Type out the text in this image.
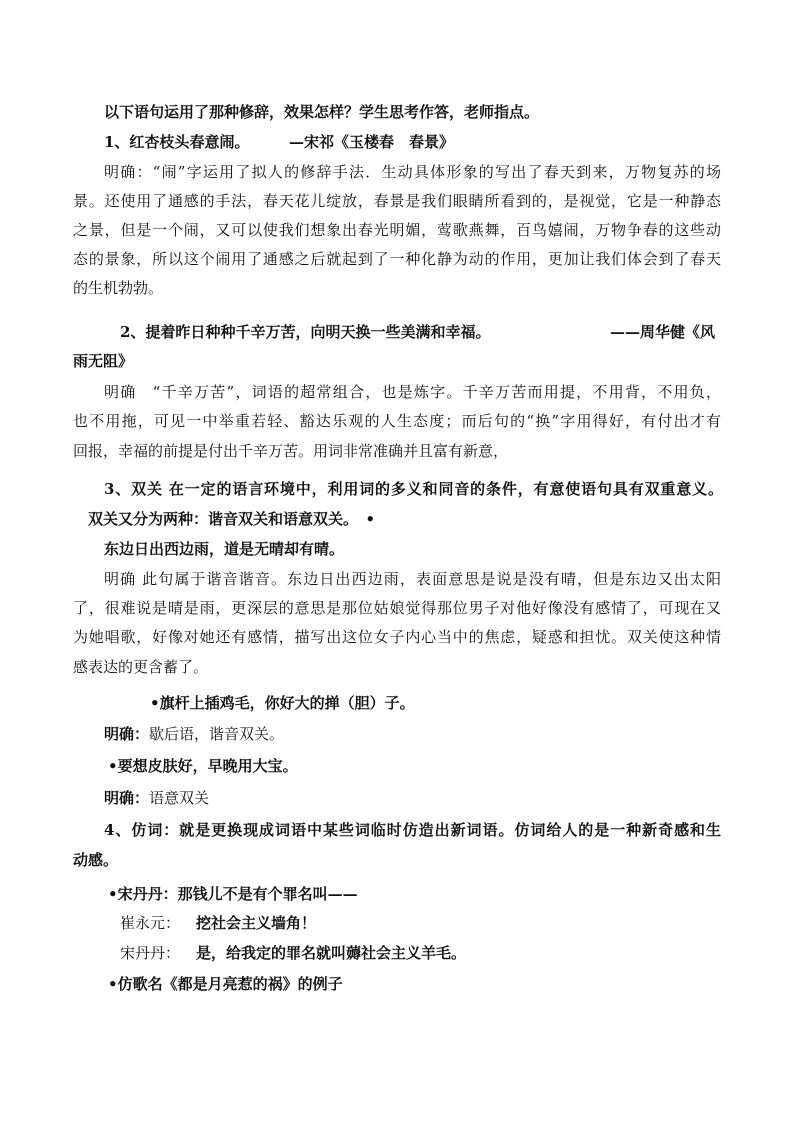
以下语句运用了那种修辞，效果怎样？学生思考作答，老师指点。
1、红杏枝头春意闹。	—宋祁《玉楼春　春景》
明确：“闹”字运用了拟人的修辞手法．生动具体形象的写出了春天到来，万物复苏的场
景。还使用了通感的手法，春天花儿绽放，春景是我们眼睛所看到的，是视觉，它是一种静态
之景，但是一个闹，又可以使我们想象出春光明媚，莺歌燕舞，百鸟嬉闹，万物争春的这些动
态的景象，所以这个闹用了通感之后就起到了一种化静为动的作用，更加让我们体会到了春天
的生机勃勃。
2、提着昨日种种千辛万苦，向明天换一些美满和幸福。	——周华健《风
雨无阻》
明确　“千辛万苦”，词语的超常组合，也是炼字。千辛万苦而用提，不用背，不用负，
也不用拖，可见一中举重若轻、豁达乐观的人生态度；而后句的“换”字用得好，有付出才有
回报，幸福的前提是付出千辛万苦。用词非常准确并且富有新意，
3、双关 在一定的语言环境中，利用词的多义和同音的条件，有意使语句具有双重意义。
双关又分为两种：谐音双关和语意双关。　•
东边日出西边雨，道是无晴却有晴。
明确 此句属于谐音谐音。东边日出西边雨，表面意思是说是没有晴，但是东边又出太阳
了，很难说是晴是雨，更深层的意思是那位姑娘觉得那位男子对他好像没有感情了，可现在又
为她唱歌，好像对她还有感情，描写出这位女子内心当中的焦虑，疑惑和担忧。双关使这种情
感表达的更含蓄了。
•旗杆上插鸡毛，你好大的掸（胆）子。
明确：歇后语，谐音双关。
•要想皮肤好，早晚用大宝。
明确：语意双关
4、仿词：就是更换现成词语中某些词临时仿造出新词语。仿词给人的是一种新奇感和生
动感。
•宋丹丹：那钱儿不是有个罪名叫——
崔永元： 挖社会主义墙角！
宋丹丹： 是，给我定的罪名就叫薅社会主义羊毛。
•仿歌名《都是月亮惹的祸》的例子
